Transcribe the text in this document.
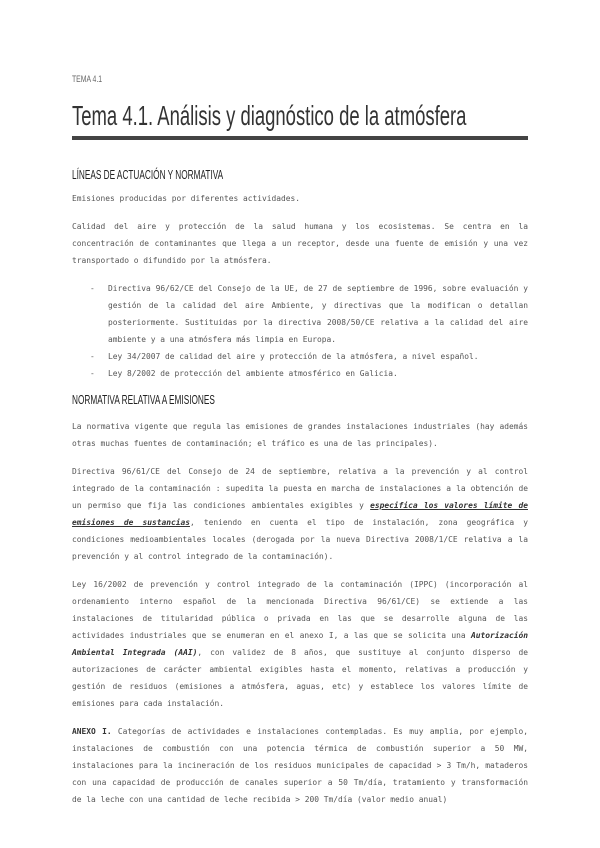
TEMA 4.1
Tema 4.1. Análisis y diagnóstico de la atmósfera
LÍNEAS DE ACTUACIÓN Y NORMATIVA

Emisiones producidas por diferentes actividades.

Calidad del aire y protección de la salud humana y los ecosistemas. Se centra en la concentración de contaminantes que llega a un receptor, desde una fuente de emisión y una vez transportado o difundido por la atmósfera.

- Directiva 96/62/CE del Consejo de la UE, de 27 de septiembre de 1996, sobre evaluación y gestión de la calidad del aire Ambiente, y directivas que la modifican o detallan posteriormente. Sustituidas por la directiva 2008/50/CE relativa a la calidad del aire ambiente y a una atmósfera más limpia en Europa.
- Ley 34/2007 de calidad del aire y protección de la atmósfera, a nivel español.
- Ley 8/2002 de protección del ambiente atmosférico en Galicia.
NORMATIVA RELATIVA A EMISIONES

La normativa vigente que regula las emisiones de grandes instalaciones industriales (hay además otras muchas fuentes de contaminación; el tráfico es una de las principales).

Directiva 96/61/CE del Consejo de 24 de septiembre, relativa a la prevención y al control integrado de la contaminación : supedita la puesta en marcha de instalaciones a la obtención de un permiso que fija las condiciones ambientales exigibles y especifica los valores límite de emisiones de sustancias, teniendo en cuenta el tipo de instalación, zona geográfica y condiciones medioambientales locales (derogada por la nueva Directiva 2008/1/CE relativa a la prevención y al control integrado de la contaminación).

Ley 16/2002 de prevención y control integrado de la contaminación (IPPC) (incorporación al ordenamiento interno español de la mencionada Directiva 96/61/CE) se extiende a las instalaciones de titularidad pública o privada en las que se desarrolle alguna de las actividades industriales que se enumeran en el anexo I, a las que se solicita una Autorización Ambiental Integrada (AAI), con validez de 8 años, que sustituye al conjunto disperso de autorizaciones de carácter ambiental exigibles hasta el momento, relativas a producción y gestión de residuos (emisiones a atmósfera, aguas, etc) y establece los valores límite de emisiones para cada instalación.

ANEXO I. Categorías de actividades e instalaciones contempladas. Es muy amplia, por ejemplo, instalaciones de combustión con una potencia térmica de combustión superior a 50 MW, instalaciones para la incineración de los residuos municipales de capacidad > 3 Tm/h, mataderos con una capacidad de producción de canales superior a 50 Tm/día, tratamiento y transformación de la leche con una cantidad de leche recibida > 200 Tm/día (valor medio anual)
